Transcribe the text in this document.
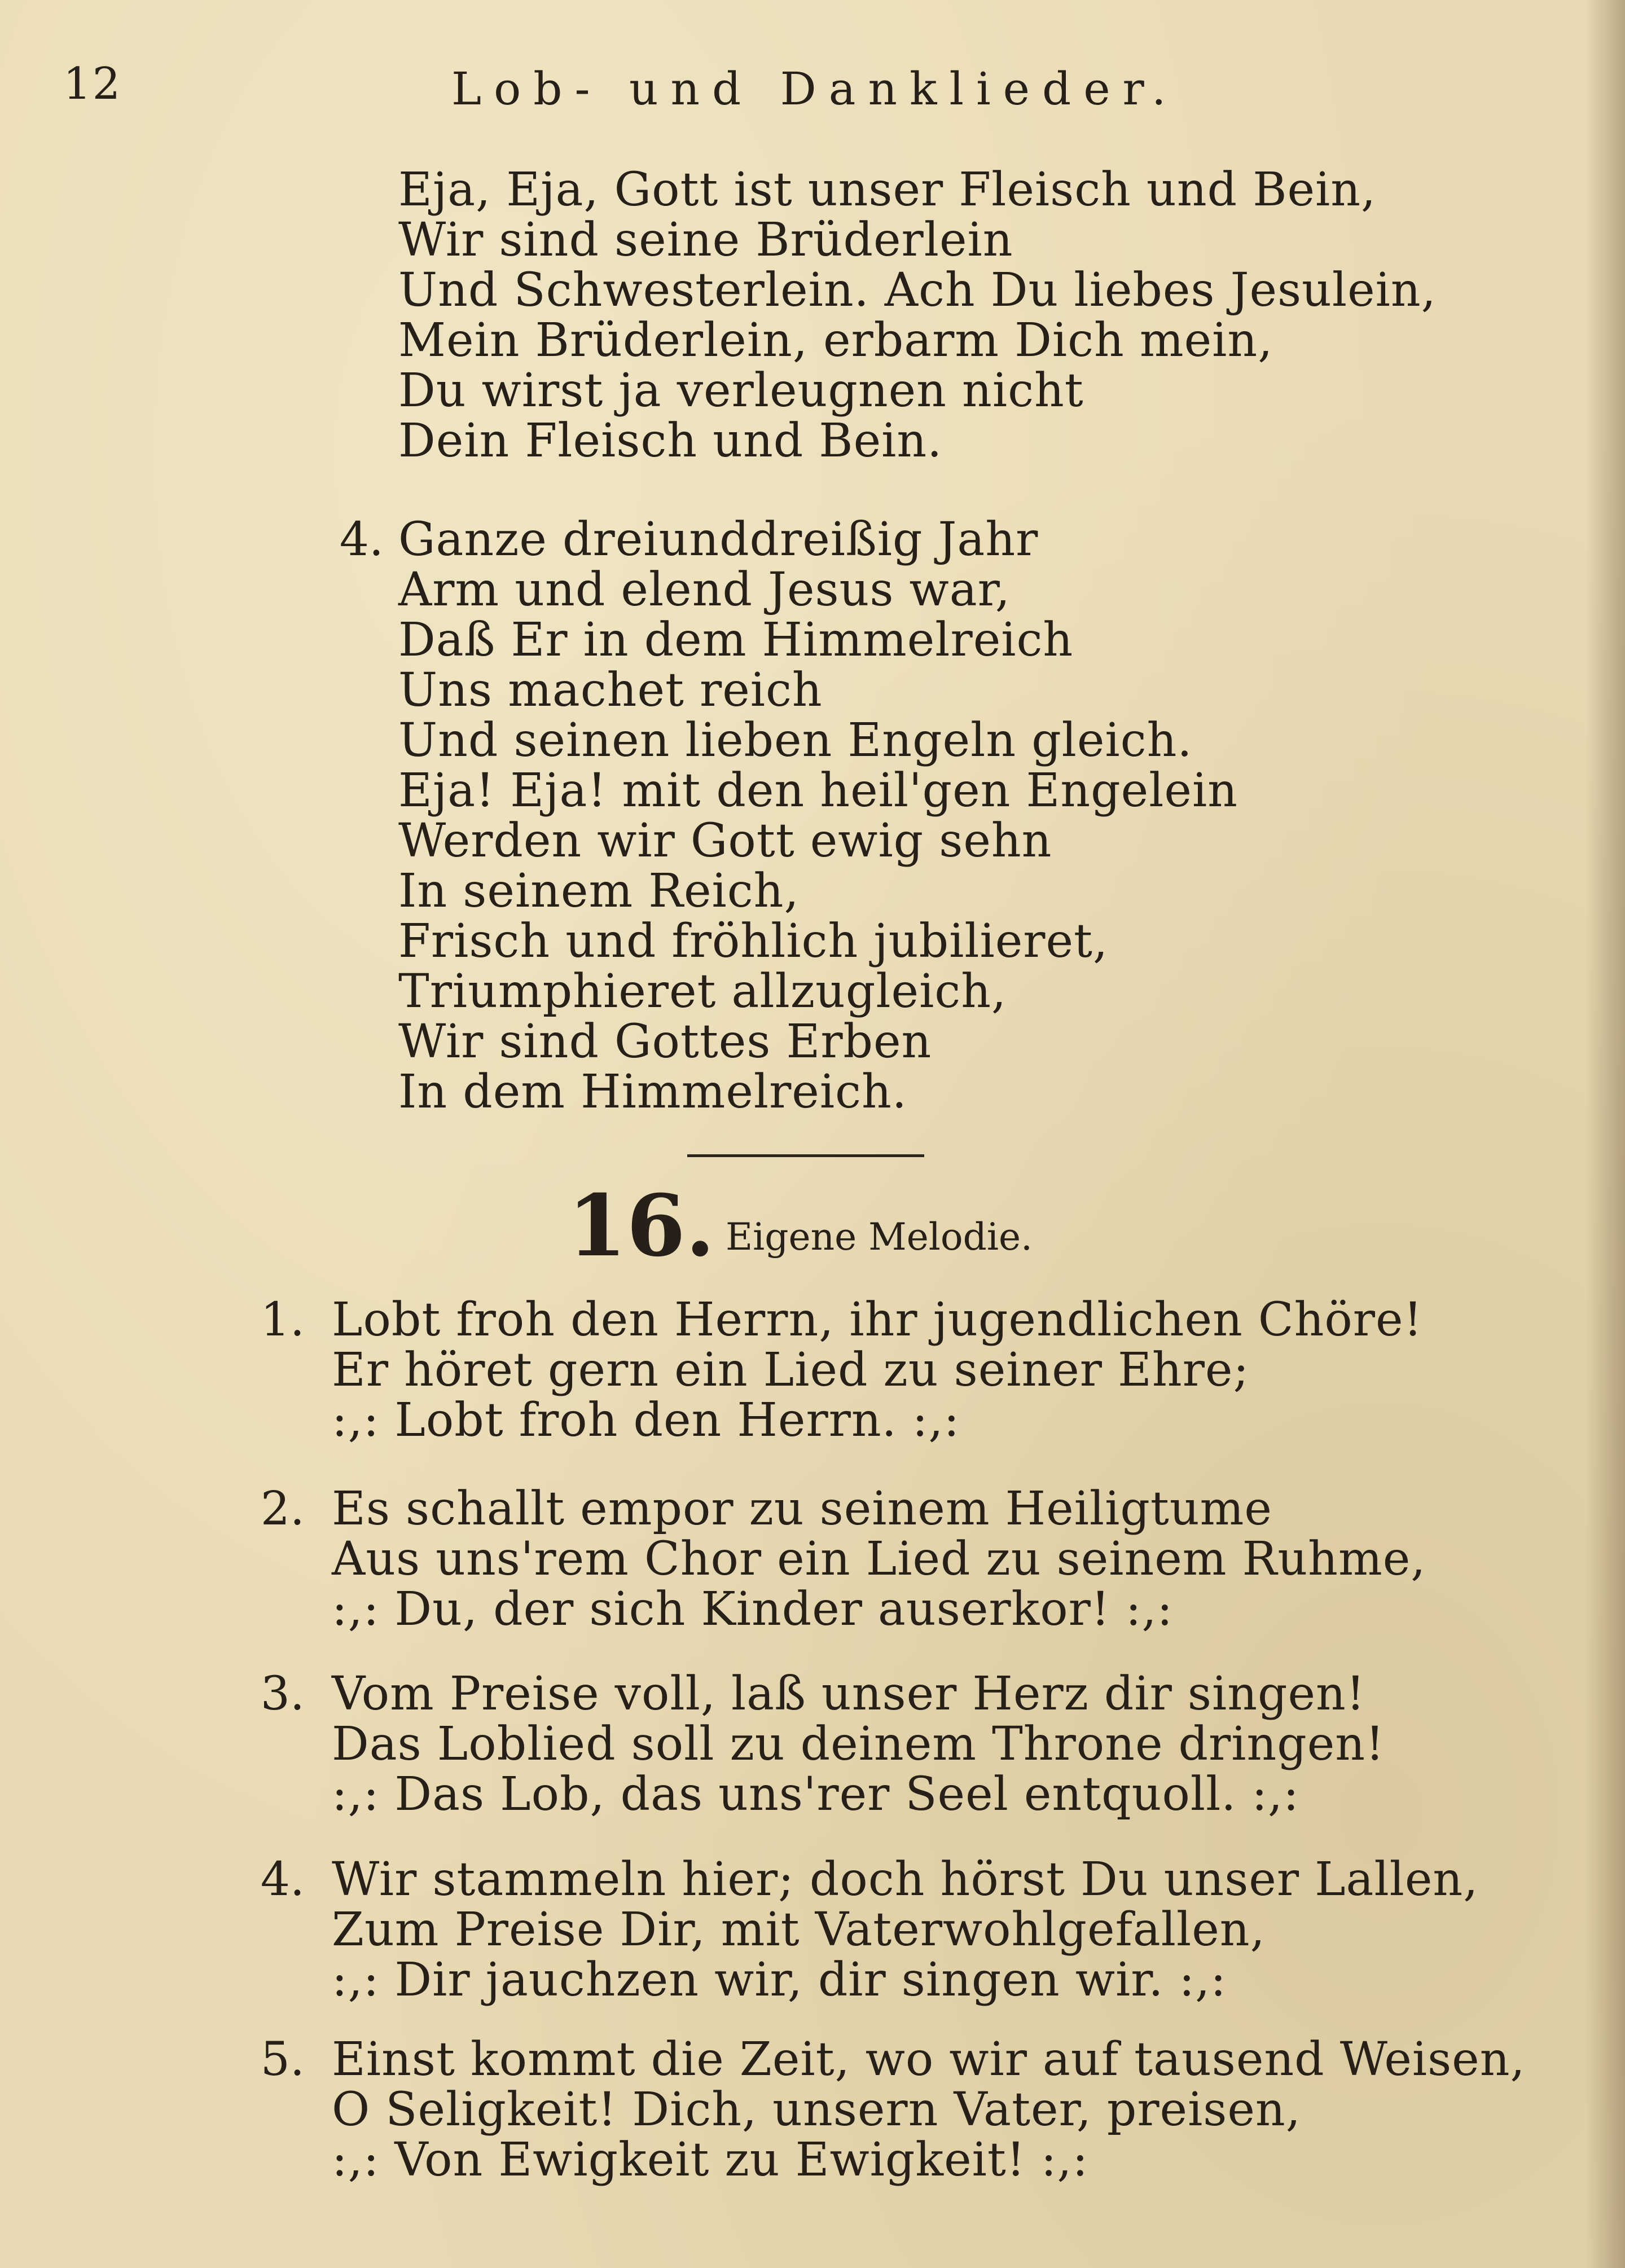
12	Lob- und Danklieder.
Eja, Eja, Gott ist unser Fleisch und Bein,
Wir sind seine Brüderlein
Und Schwesterlein. Ach Du liebes Jesulein,
Mein Brüderlein, erbarm Dich mein,
Du wirst ja verleugnen nicht
Dein Fleisch und Bein.
4. Ganze dreiunddreißig Jahr
Arm und elend Jesus war,
Daß Er in dem Himmelreich
Uns machet reich
Und seinen lieben Engeln gleich.
Eja! Eja! mit den heil'gen Engelein
Werden wir Gott ewig sehn
In seinem Reich,
Frisch und fröhlich jubilieret,
Triumphieret allzugleich,
Wir sind Gottes Erben
In dem Himmelreich.
16. Eigene Melodie.
1. Lobt froh den Herrn, ihr jugendlichen Chöre!
Er höret gern ein Lied zu seiner Ehre;
:,: Lobt froh den Herrn. :,:
2. Es schallt empor zu seinem Heiligtume
Aus uns'rem Chor ein Lied zu seinem Ruhme,
:,: Du, der sich Kinder auserkor! :,:
3. Vom Preise voll, laß unser Herz dir singen!
Das Loblied soll zu deinem Throne dringen!
:,: Das Lob, das uns'rer Seel entquoll. :,:
4. Wir stammeln hier; doch hörst Du unser Lallen,
Zum Preise Dir, mit Vaterwohlgefallen,
:,: Dir jauchzen wir, dir singen wir. :,:
5. Einst kommt die Zeit, wo wir auf tausend Weisen,
O Seligkeit! Dich, unsern Vater, preisen,
:,: Von Ewigkeit zu Ewigkeit! :,:
